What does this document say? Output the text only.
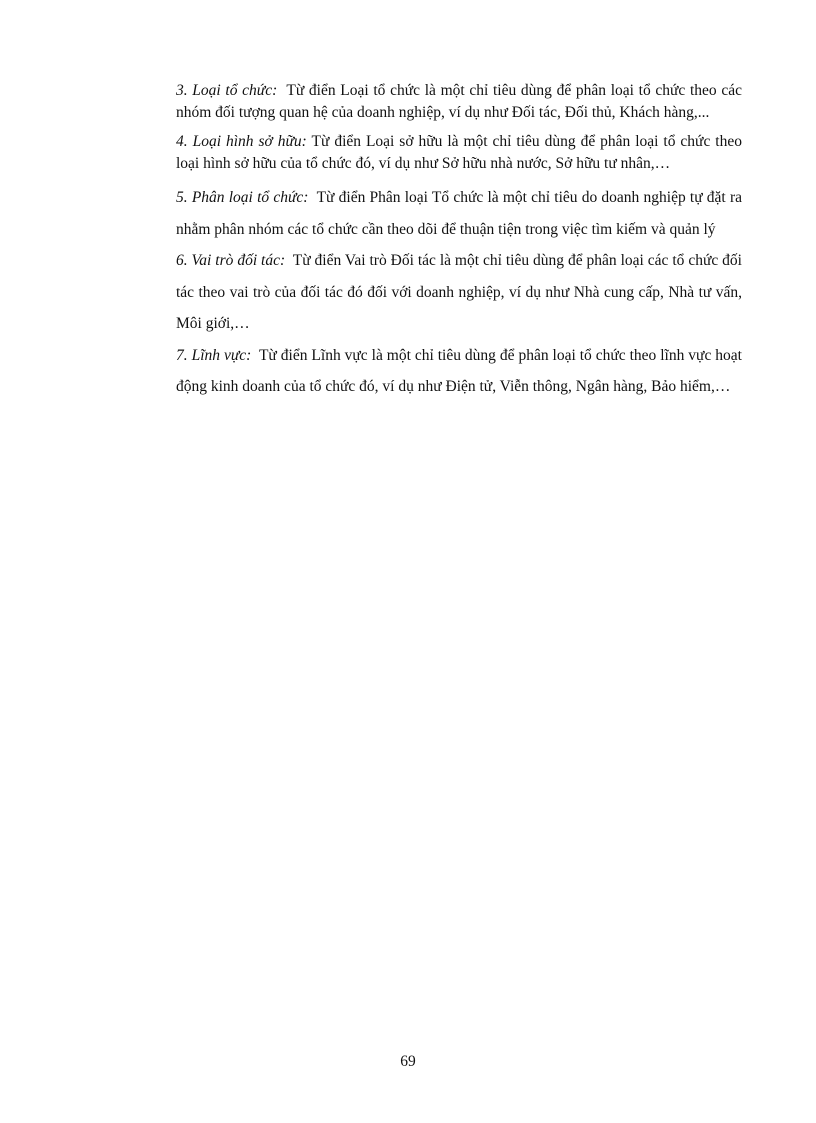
3. Loại tổ chức: Từ điển Loại tổ chức là một chỉ tiêu dùng để phân loại tổ chức theo các nhóm đối tượng quan hệ của doanh nghiệp, ví dụ như Đối tác, Đối thủ, Khách hàng,...

4. Loại hình sở hữu: Từ điển Loại sở hữu là một chỉ tiêu dùng để phân loại tổ chức theo loại hình sở hữu của tổ chức đó, ví dụ như Sở hữu nhà nước, Sở hữu tư nhân,…

5. Phân loại tổ chức: Từ điển Phân loại Tổ chức là một chỉ tiêu do doanh nghiệp tự đặt ra nhằm phân nhóm các tổ chức cần theo dõi để thuận tiện trong việc tìm kiếm và quản lý

6. Vai trò đối tác: Từ điển Vai trò Đối tác là một chỉ tiêu dùng để phân loại các tổ chức đối tác theo vai trò của đối tác đó đối với doanh nghiệp, ví dụ như Nhà cung cấp, Nhà tư vấn, Môi giới,…

7. Lĩnh vực: Từ điển Lĩnh vực là một chỉ tiêu dùng để phân loại tổ chức theo lĩnh vực hoạt động kinh doanh của tổ chức đó, ví dụ như Điện tử, Viễn thông, Ngân hàng, Bảo hiểm,…

69
